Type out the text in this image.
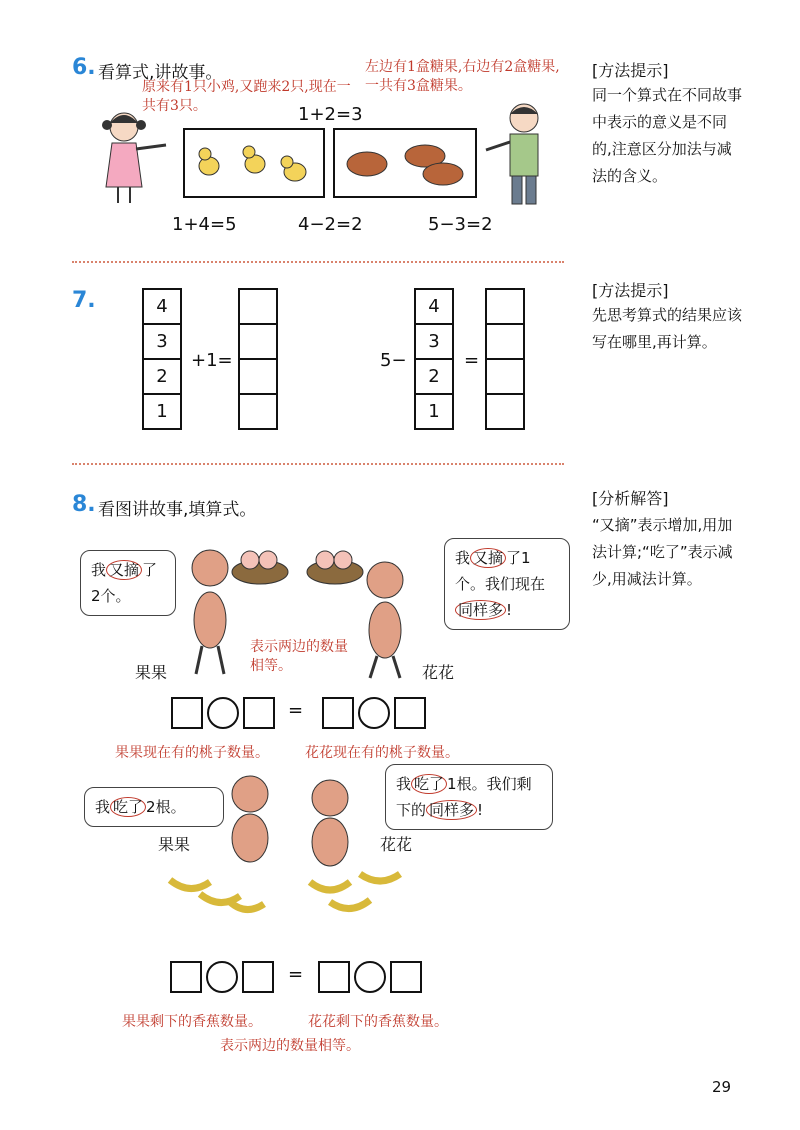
6. 看算式,讲故事。
原来有1只小鸡,又跑来2只,现在一共有3只。
左边有1盒糖果,右边有2盒糖果,一共有3盒糖果。
1+2=3
1+4=5	4−2=2	5−3=2
7.	4
3
2
1
+1=	5−
4
3
2
1
=
8. 看图讲故事,填算式。
我 又摘 了2个。
我 又摘 了1个。我们现在同样多 !
表示两边的数量相等。
果果	花花
=
果果现在有的桃子数量。	花花现在有的桃子数量。
我 吃了 2根。
我 吃了 1根。我们剩下的 同样多 !
果果	花花
=
果果剩下的香蕉数量。	花花剩下的香蕉数量。
表示两边的数量相等。
[方法提示]
同一个算式在不同故事中表示的意义是不同的,注意区分加法与减法的含义。
[方法提示]
先思考算式的结果应该写在哪里,再计算。
[分析解答]
“又摘”表示增加,用加法计算;“吃了”表示减少,用减法计算。
29
